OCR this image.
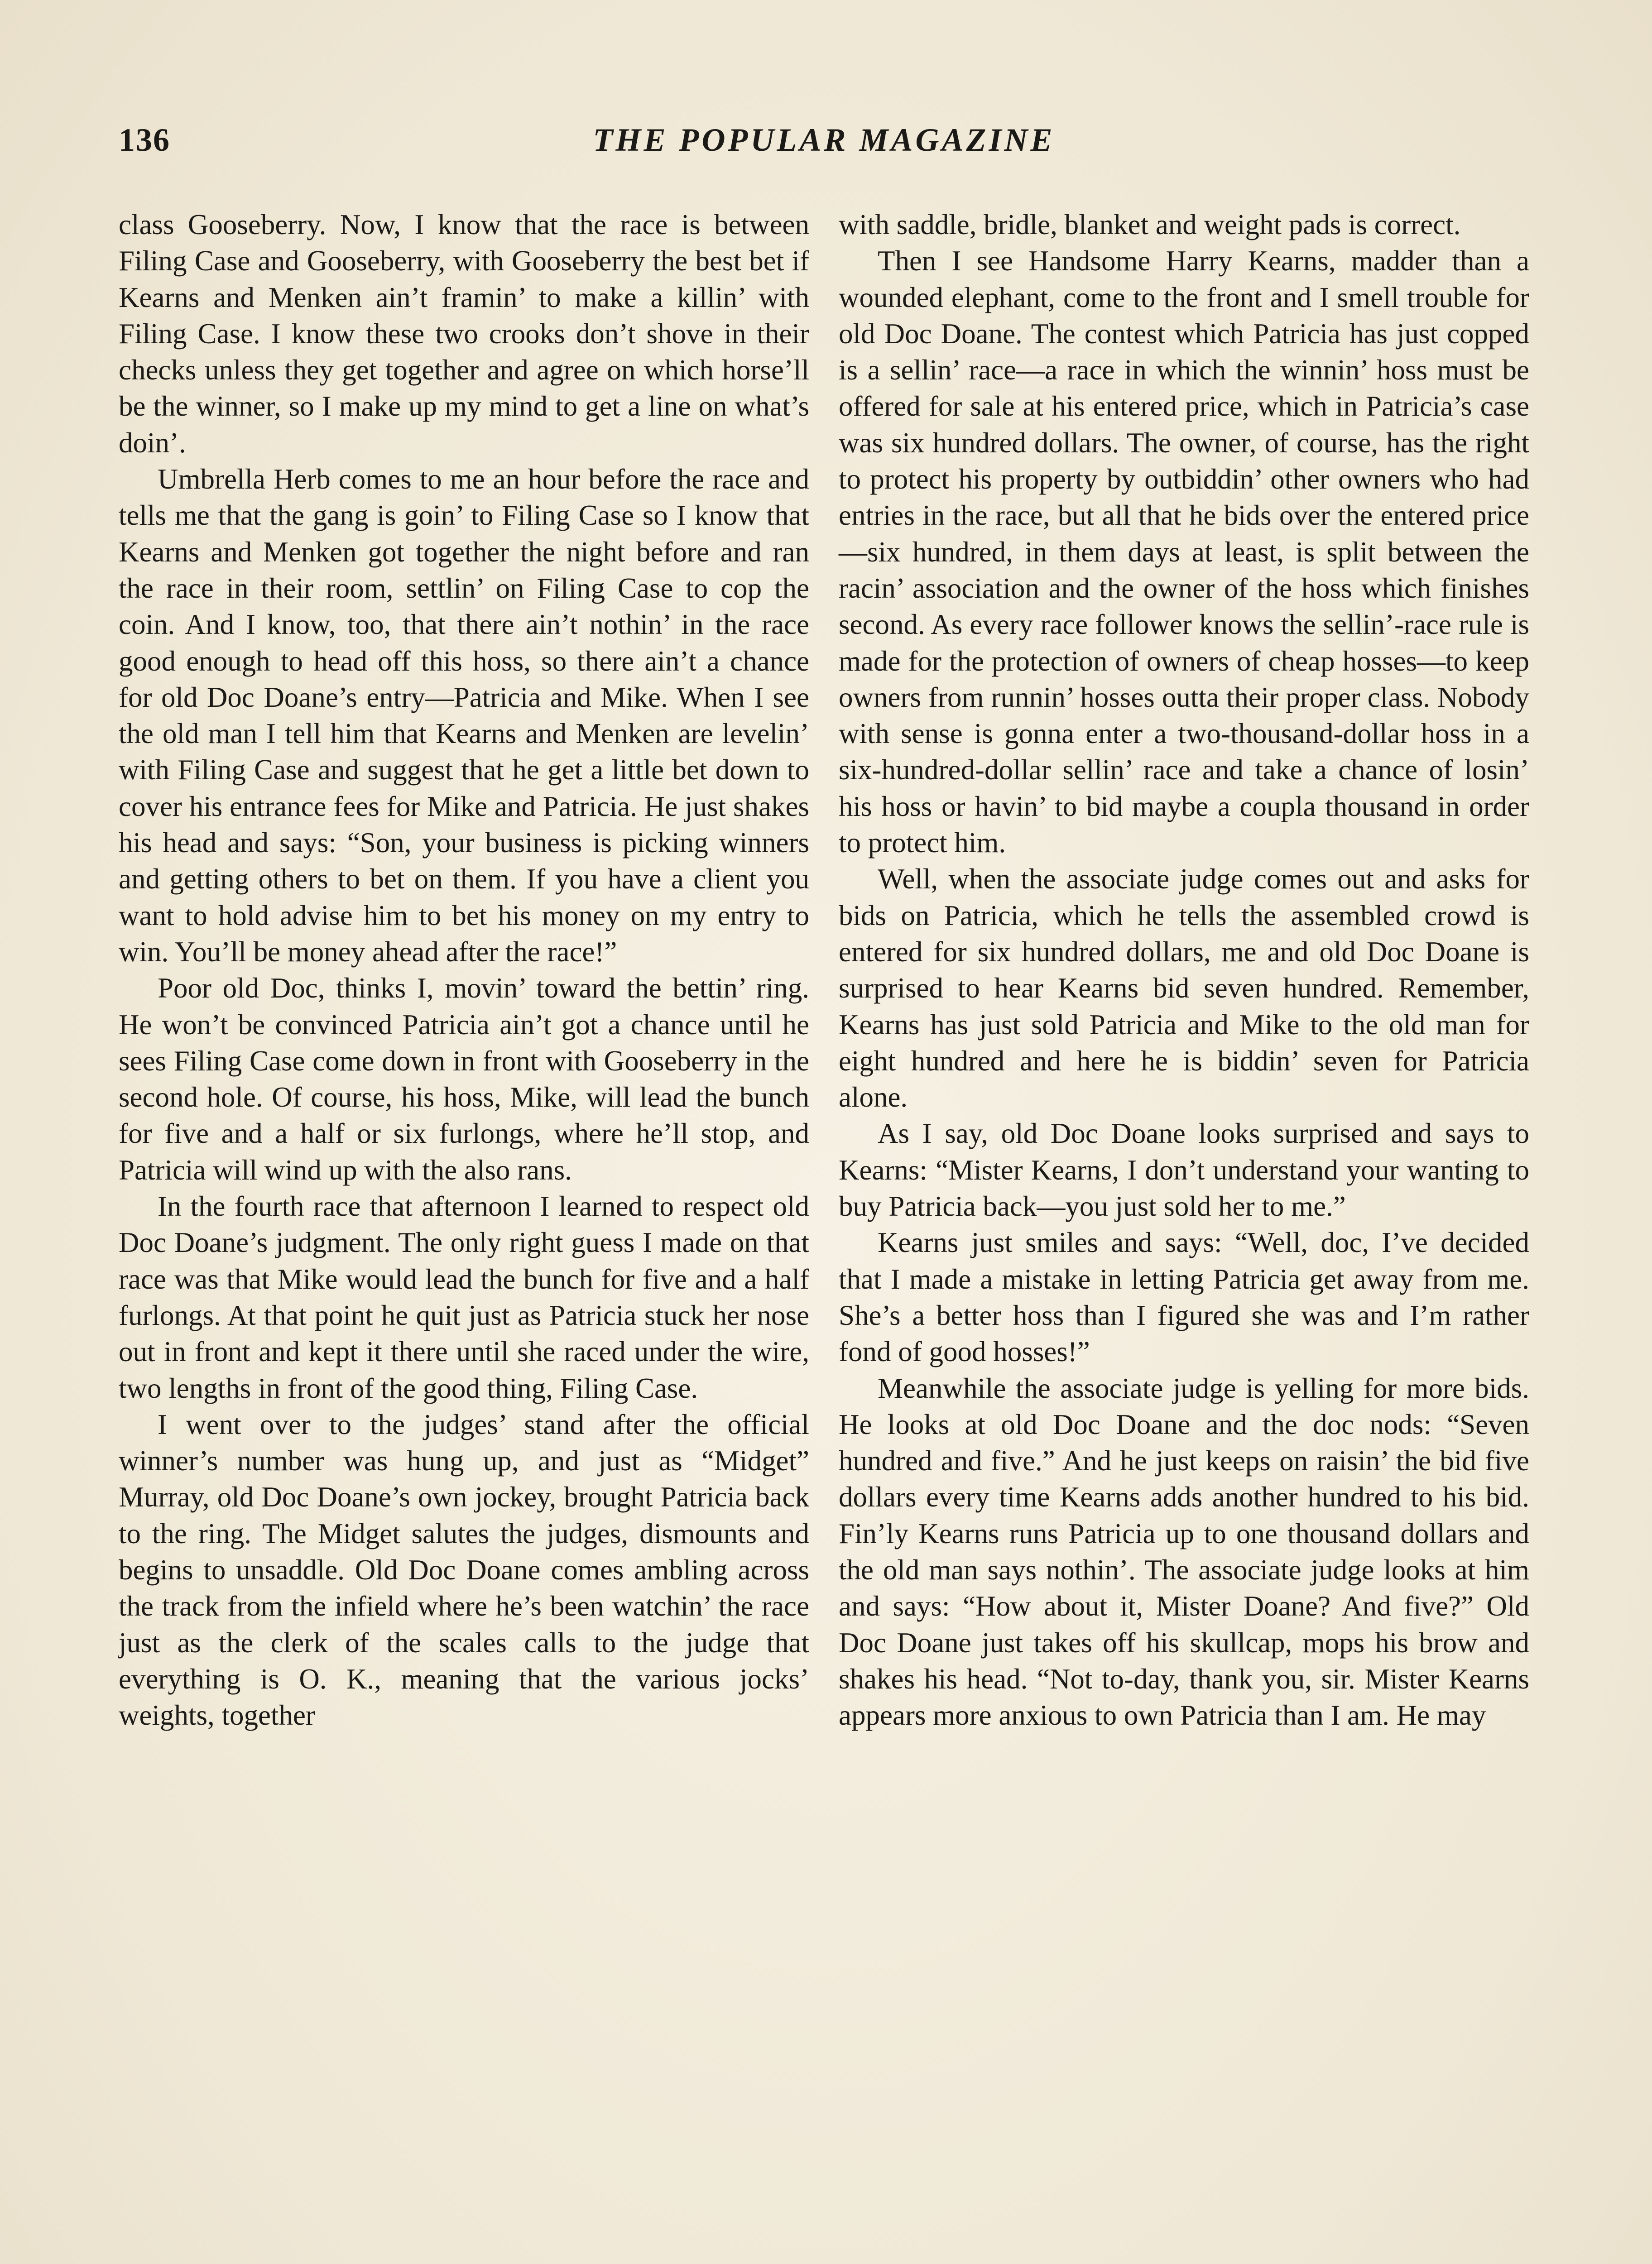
136	THE POPULAR MAGAZINE

class Gooseberry. Now, I know that the race is between Filing Case and Gooseberry, with Gooseberry the best bet if Kearns and Menken ain’t framin’ to make a killin’ with Filing Case. I know these two crooks don’t shove in their checks unless they get together and agree on which horse’ll be the winner, so I make up my mind to get a line on what’s doin’.

Umbrella Herb comes to me an hour before the race and tells me that the gang is goin’ to Filing Case so I know that Kearns and Menken got together the night before and ran the race in their room, settlin’ on Filing Case to cop the coin. And I know, too, that there ain’t nothin’ in the race good enough to head off this hoss, so there ain’t a chance for old Doc Doane’s entry—Patricia and Mike. When I see the old man I tell him that Kearns and Menken are levelin’ with Filing Case and suggest that he get a little bet down to cover his entrance fees for Mike and Patricia. He just shakes his head and says: “Son, your business is picking winners and getting others to bet on them. If you have a client you want to hold advise him to bet his money on my entry to win. You’ll be money ahead after the race!”

Poor old Doc, thinks I, movin’ toward the bettin’ ring. He won’t be convinced Patricia ain’t got a chance until he sees Filing Case come down in front with Gooseberry in the second hole. Of course, his hoss, Mike, will lead the bunch for five and a half or six furlongs, where he’ll stop, and Patricia will wind up with the also rans.

In the fourth race that afternoon I learned to respect old Doc Doane’s judgment. The only right guess I made on that race was that Mike would lead the bunch for five and a half furlongs. At that point he quit just as Patricia stuck her nose out in front and kept it there until she raced under the wire, two lengths in front of the good thing, Filing Case.

I went over to the judges’ stand after the official winner’s number was hung up, and just as “Midget” Murray, old Doc Doane’s own jockey, brought Patricia back to the ring. The Midget salutes the judges, dismounts and begins to unsaddle. Old Doc Doane comes ambling across the track from the infield where he’s been watchin’ the race just as the clerk of the scales calls to the judge that everything is O. K., meaning that the various jocks’ weights, together

with saddle, bridle, blanket and weight pads is correct.

Then I see Handsome Harry Kearns, madder than a wounded elephant, come to the front and I smell trouble for old Doc Doane. The contest which Patricia has just copped is a sellin’ race—a race in which the winnin’ hoss must be offered for sale at his entered price, which in Patricia’s case was six hundred dollars. The owner, of course, has the right to protect his property by outbiddin’ other owners who had entries in the race, but all that he bids over the entered price—six hundred, in them days at least, is split between the racin’ association and the owner of the hoss which finishes second. As every race follower knows the sellin’-race rule is made for the protection of owners of cheap hosses—to keep owners from runnin’ hosses outta their proper class. Nobody with sense is gonna enter a two-thousand-dollar hoss in a six-hundred-dollar sellin’ race and take a chance of losin’ his hoss or havin’ to bid maybe a coupla thousand in order to protect him.

Well, when the associate judge comes out and asks for bids on Patricia, which he tells the assembled crowd is entered for six hundred dollars, me and old Doc Doane is surprised to hear Kearns bid seven hundred. Remember, Kearns has just sold Patricia and Mike to the old man for eight hundred and here he is biddin’ seven for Patricia alone.

As I say, old Doc Doane looks surprised and says to Kearns: “Mister Kearns, I don’t understand your wanting to buy Patricia back—you just sold her to me.”

Kearns just smiles and says: “Well, doc, I’ve decided that I made a mistake in letting Patricia get away from me. She’s a better hoss than I figured she was and I’m rather fond of good hosses!”

Meanwhile the associate judge is yelling for more bids. He looks at old Doc Doane and the doc nods: “Seven hundred and five.” And he just keeps on raisin’ the bid five dollars every time Kearns adds another hundred to his bid. Fin’ly Kearns runs Patricia up to one thousand dollars and the old man says nothin’. The associate judge looks at him and says: “How about it, Mister Doane? And five?” Old Doc Doane just takes off his skullcap, mops his brow and shakes his head. “Not to-day, thank you, sir. Mister Kearns appears more anxious to own Patricia than I am. He may
